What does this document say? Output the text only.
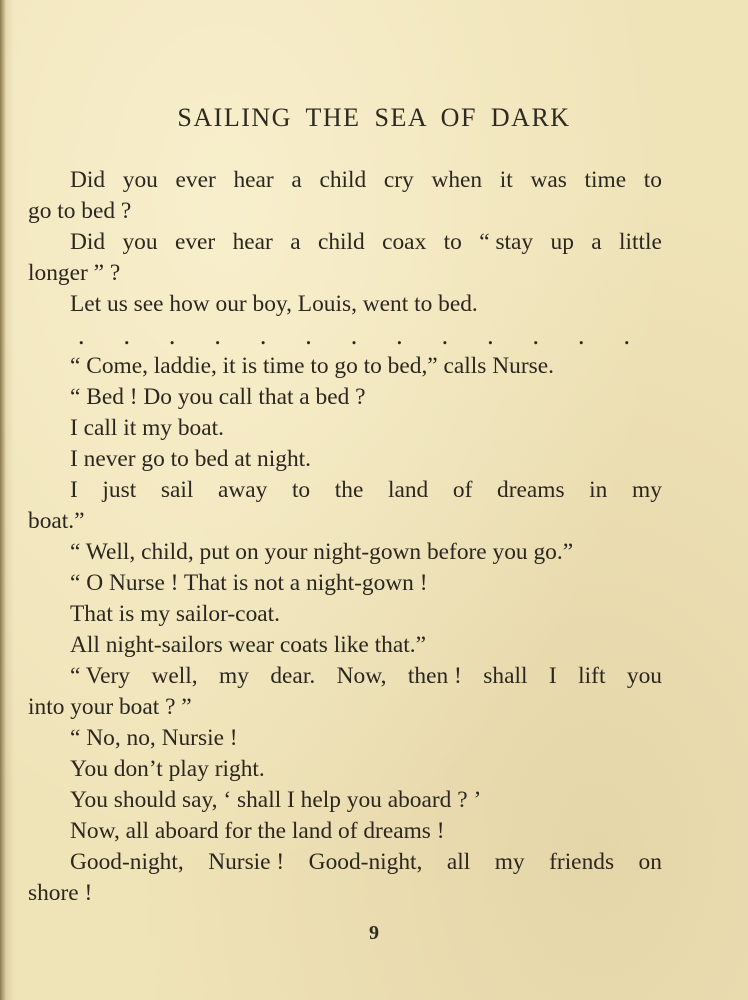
SAILING THE SEA OF DARK
Did you ever hear a child cry when it was time to
go to bed ?
Did you ever hear a child coax to “ stay up a little
longer ” ?
Let us see how our boy, Louis, went to bed.
. . . . . . . . . . . . .
“ Come, laddie, it is time to go to bed,” calls Nurse.
“ Bed ! Do you call that a bed ?
I call it my boat.
I never go to bed at night.
I just sail away to the land of dreams in my
boat.”
“ Well, child, put on your night-gown before you go.”
“ O Nurse ! That is not a night-gown !
That is my sailor-coat.
All night-sailors wear coats like that.”
“ Very well, my dear. Now, then ! shall I lift you
into your boat ? ”
“ No, no, Nursie !
You don’t play right.
You should say, ‘ shall I help you aboard ? ’
Now, all aboard for the land of dreams !
Good-night, Nursie ! Good-night, all my friends on
shore !
9
